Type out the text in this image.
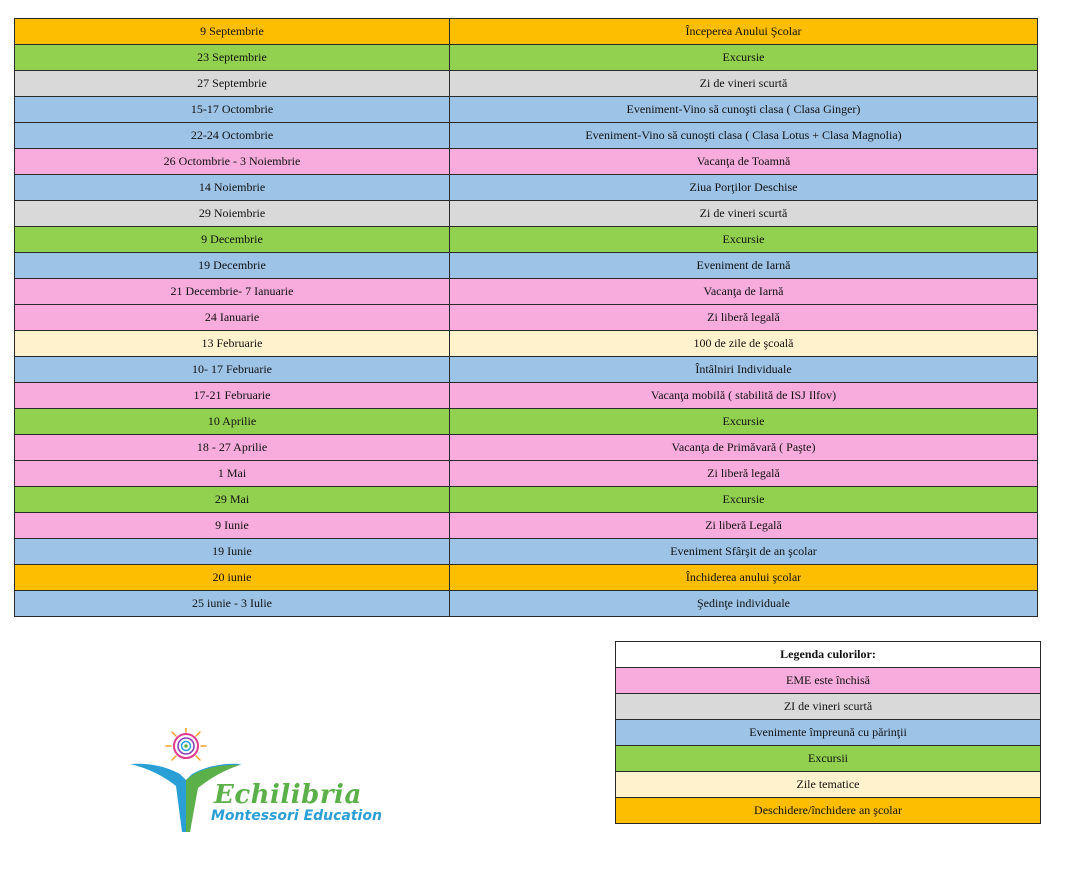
9 Septembrie	Începerea Anului Şcolar
23 Septembrie	Excursie
27 Septembrie	Zi de vineri scurtă
15-17 Octombrie	Eveniment-Vino să cunoşti clasa ( Clasa Ginger)
22-24 Octombrie	Eveniment-Vino să cunoşti clasa ( Clasa Lotus + Clasa Magnolia)
26 Octombrie - 3 Noiembrie	Vacanţa de Toamnă
14 Noiembrie	Ziua Porţilor Deschise
29 Noiembrie	Zi de vineri scurtă
9 Decembrie	Excursie
19 Decembrie	Eveniment de Iarnă
21 Decembrie- 7 Ianuarie	Vacanţa de Iarnă
24 Ianuarie	Zi liberă legală
13 Februarie	100 de zile de şcoală
10- 17 Februarie	Întâlniri Individuale
17-21 Februarie	Vacanţa mobilă ( stabilită de ISJ Ilfov)
10 Aprilie	Excursie
18 - 27 Aprilie	Vacanţa de Primăvară ( Paşte)
1 Mai	Zi liberă legală
29 Mai	Excursie
9 Iunie	Zi liberă Legală
19 Iunie	Eveniment Sfârşit de an şcolar
20 iunie	Închiderea anului şcolar
25 iunie - 3 Iulie	Şedinţe individuale
Legenda culorilor:
EME este închisă
ZI de vineri scurtă
Evenimente împreună cu părinţii
Excursii
Zile tematice
Deschidere/închidere an şcolar
Echilibria
Montessori Education
